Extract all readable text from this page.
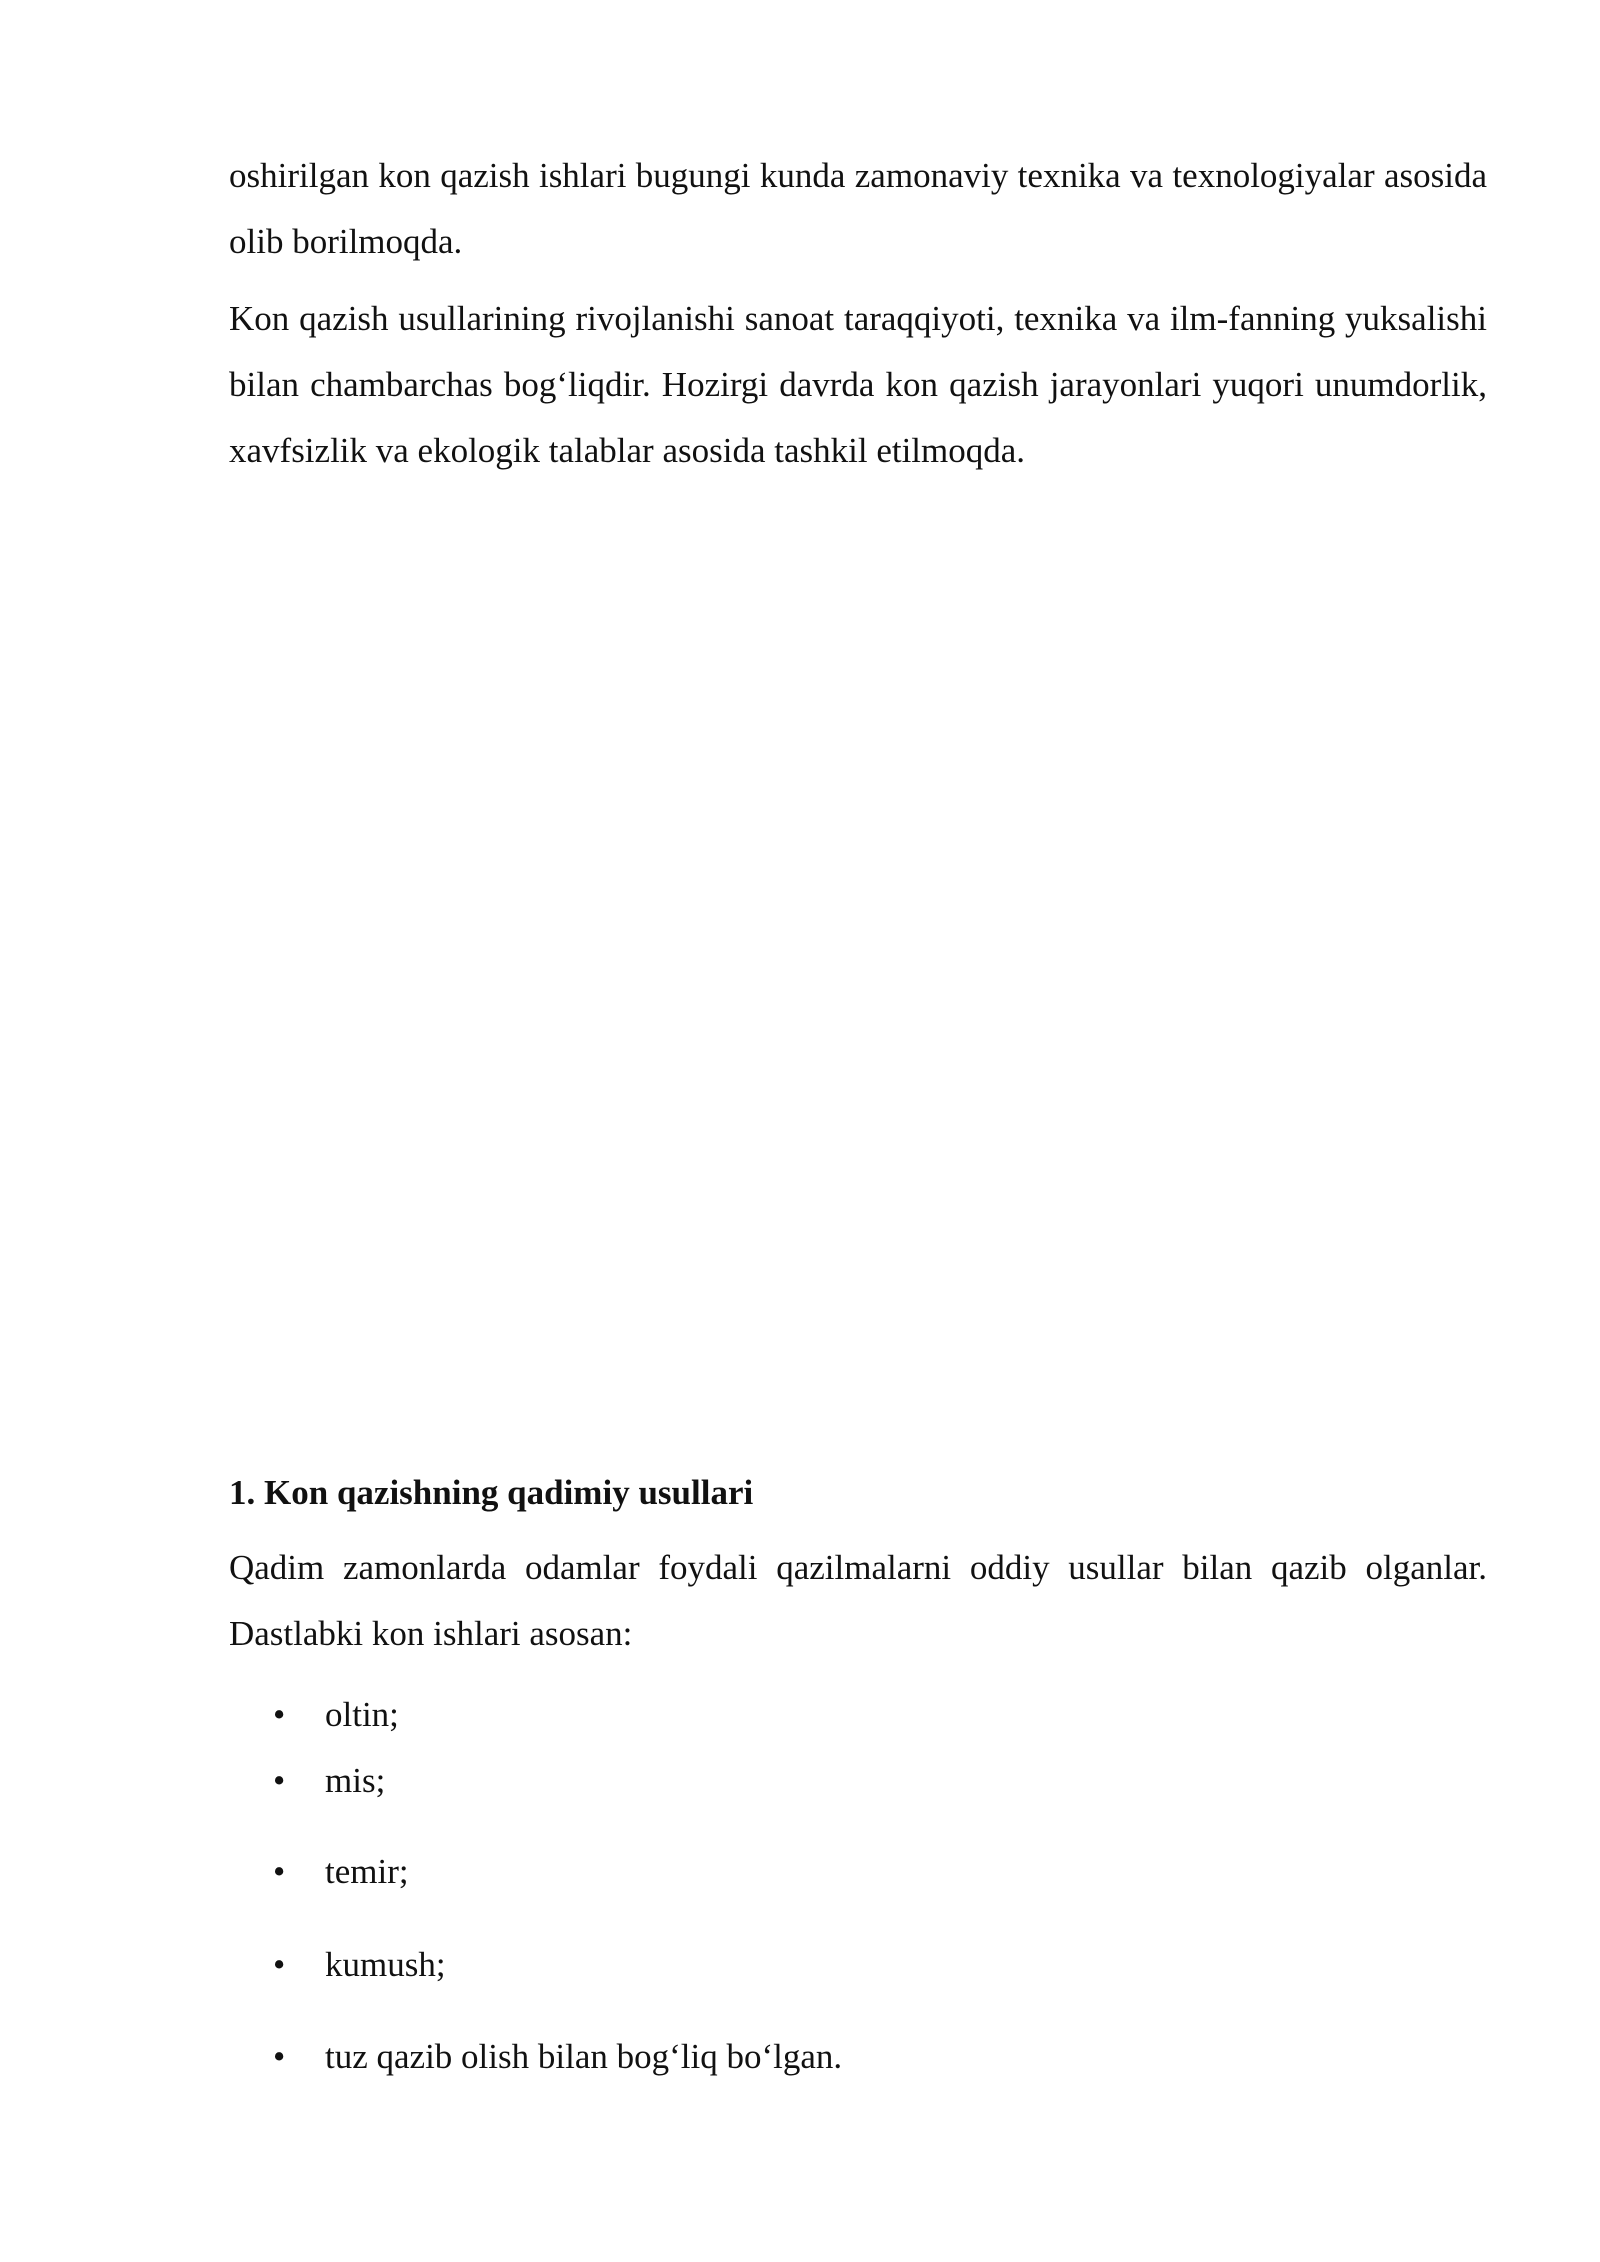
oshirilgan kon qazish ishlari bugungi kunda zamonaviy texnika va texnologiyalar asosida olib borilmoqda.

Kon qazish usullarining rivojlanishi sanoat taraqqiyoti, texnika va ilm-fanning yuksalishi bilan chambarchas bog‘liqdir. Hozirgi davrda kon qazish jarayonlari yuqori unumdorlik, xavfsizlik va ekologik talablar asosida tashkil etilmoqda.

1. Kon qazishning qadimiy usullari

Qadim zamonlarda odamlar foydali qazilmalarni oddiy usullar bilan qazib olganlar. Dastlabki kon ishlari asosan:

• oltin;
• mis;
• temir;
• kumush;
• tuz qazib olish bilan bog‘liq bo‘lgan.
